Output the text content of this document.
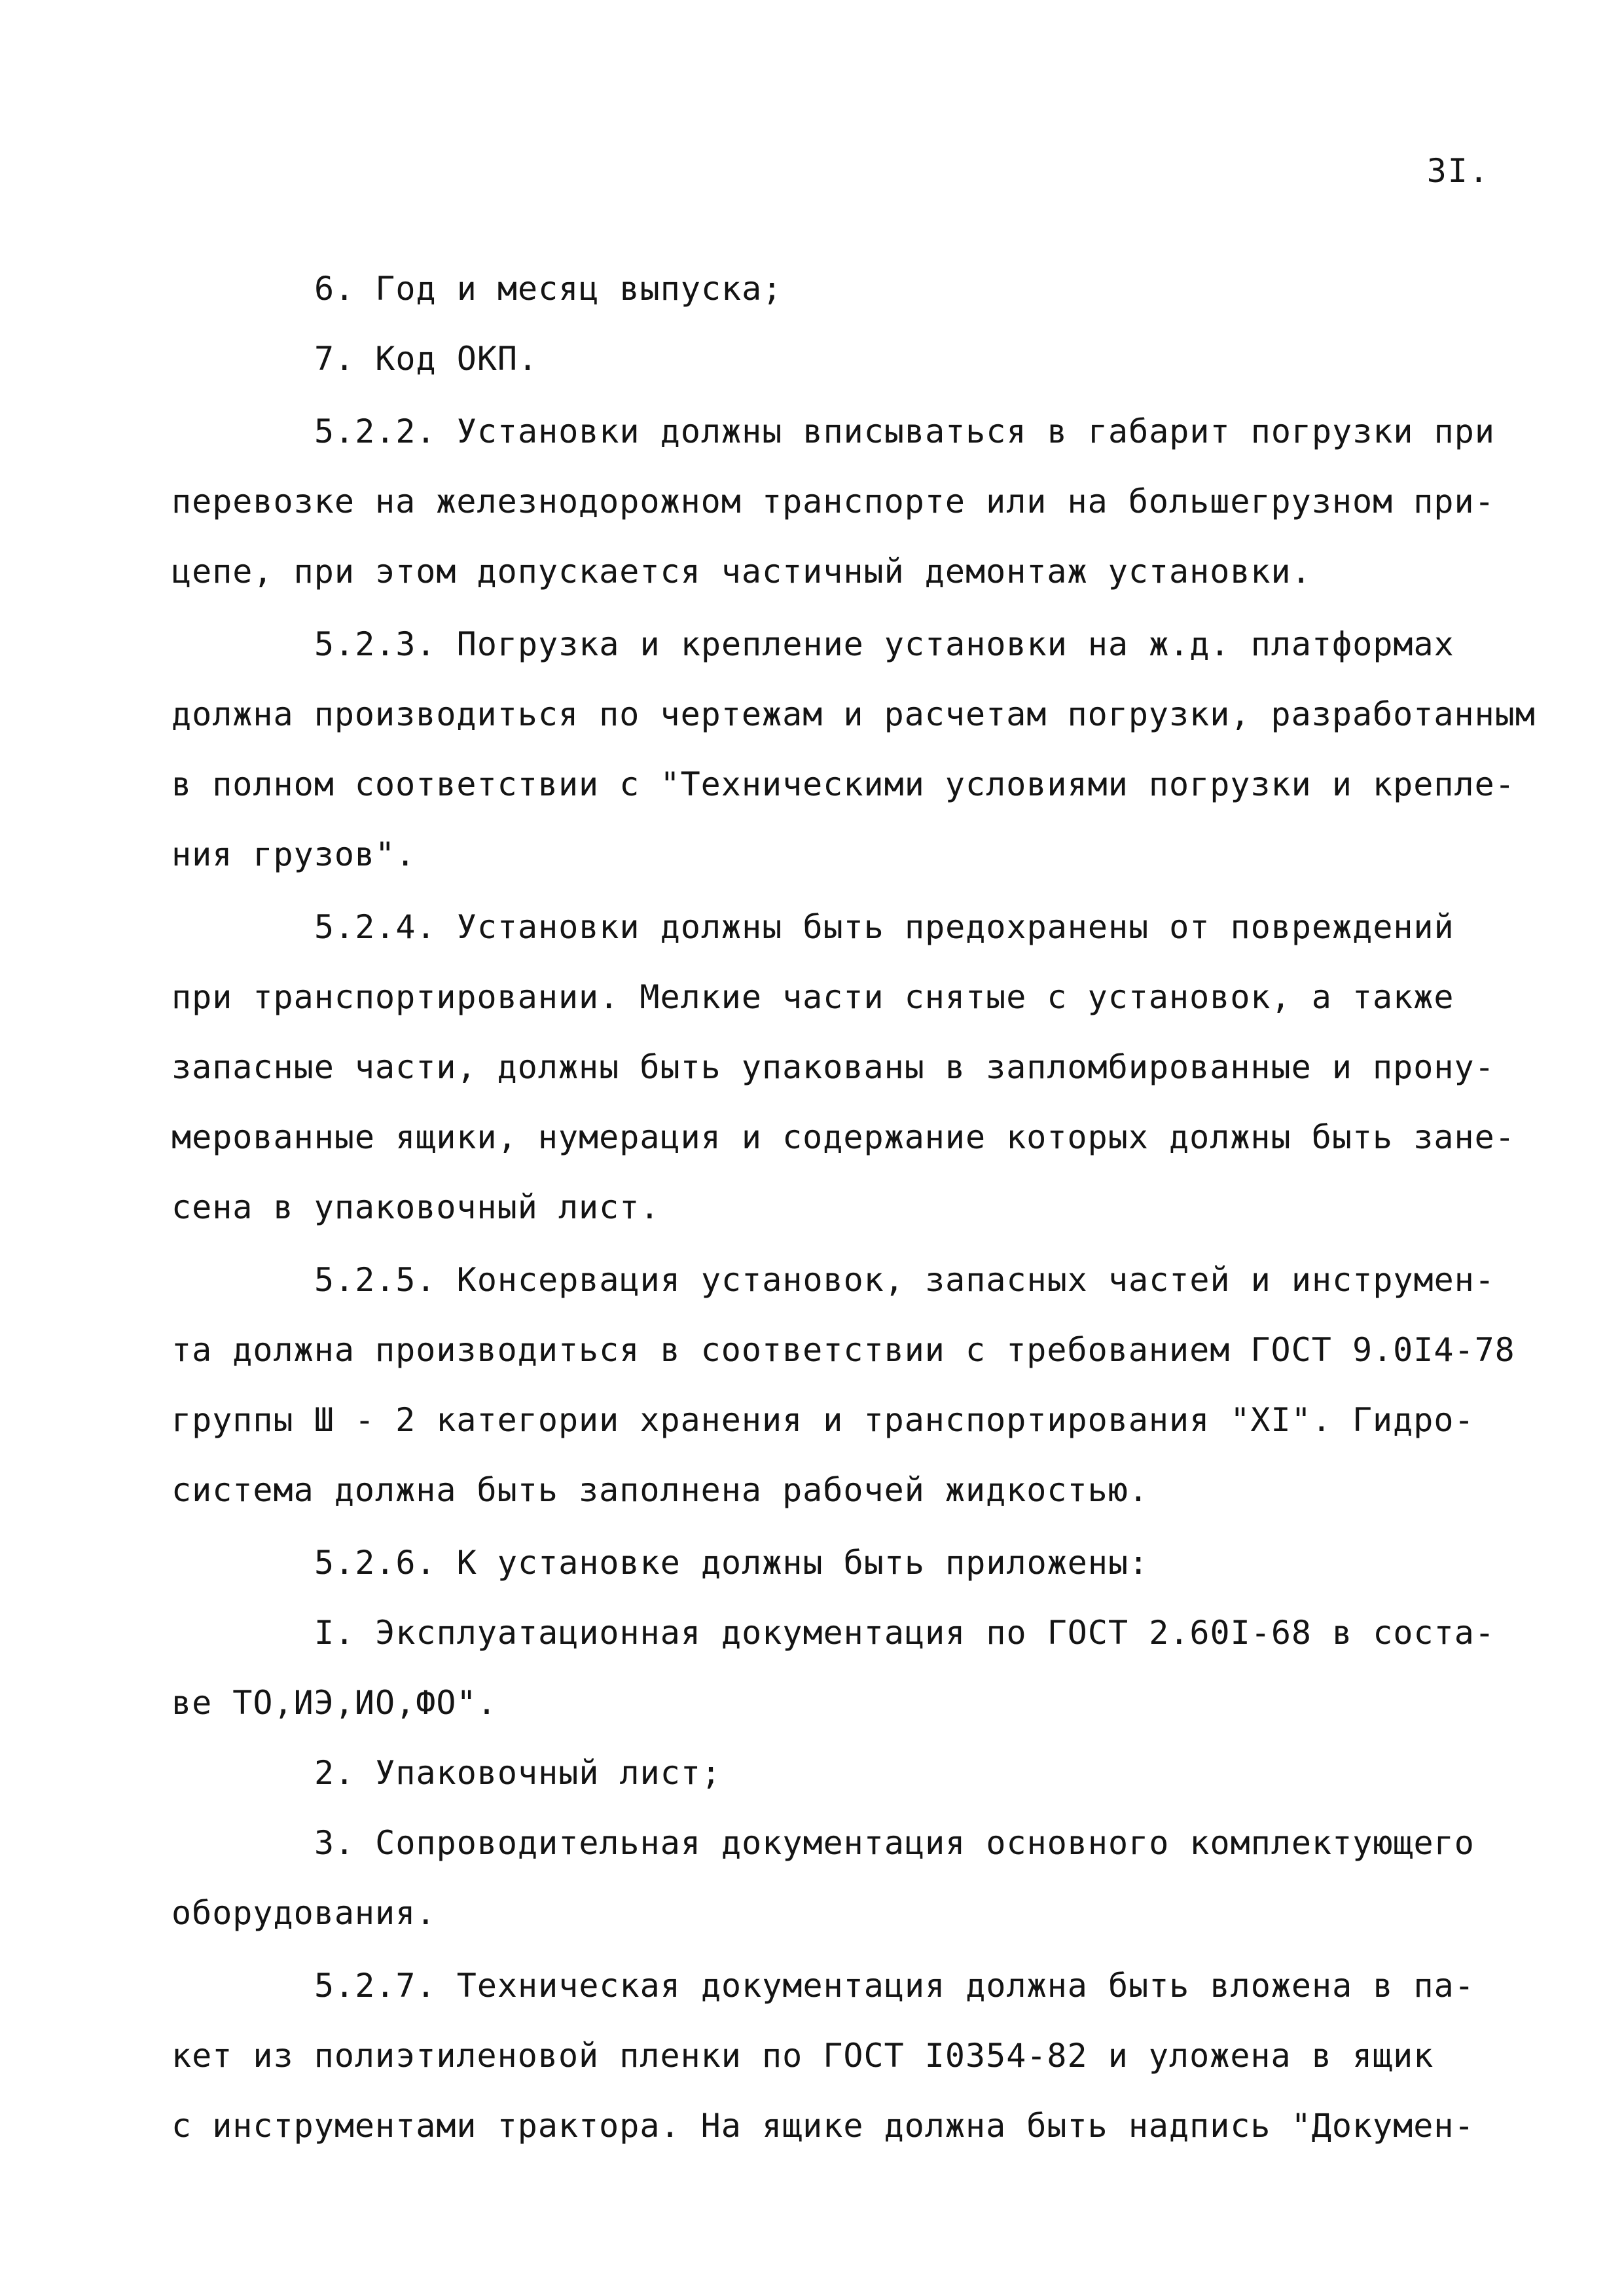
3I.
6. Год и месяц выпуска;
7. Код ОКП.
5.2.2. Установки должны вписываться в габарит погрузки при
перевозке на железнодорожном транспорте или на большегрузном при-
цепе, при этом допускается частичный демонтаж установки.
5.2.3. Погрузка и крепление установки на ж.д. платформах
должна производиться по чертежам и расчетам погрузки, разработанным
в полном соответствии с "Техническими условиями погрузки и крепле-
ния грузов".
5.2.4. Установки должны быть предохранены от повреждений
при транспортировании. Мелкие части снятые с установок, а также
запасные части, должны быть упакованы в запломбированные и прону-
мерованные ящики, нумерация и содержание которых должны быть зане-
сена в упаковочный лист.
5.2.5. Консервация установок, запасных частей и инструмен-
та должна производиться в соответствии с требованием ГОСТ 9.0I4-78
группы Ш - 2 категории хранения и транспортирования "XI". Гидро-
система должна быть заполнена рабочей жидкостью.
5.2.6. К установке должны быть приложены:
I. Эксплуатационная документация по ГОСТ 2.60I-68 в соста-
ве ТО,ИЭ,ИО,ФО".
2. Упаковочный лист;
3. Сопроводительная документация основного комплектующего
оборудования.
5.2.7. Техническая документация должна быть вложена в па-
кет из полиэтиленовой пленки по ГОСТ I0354-82 и уложена в ящик
с инструментами трактора. На ящике должна быть надпись "Докумен-
